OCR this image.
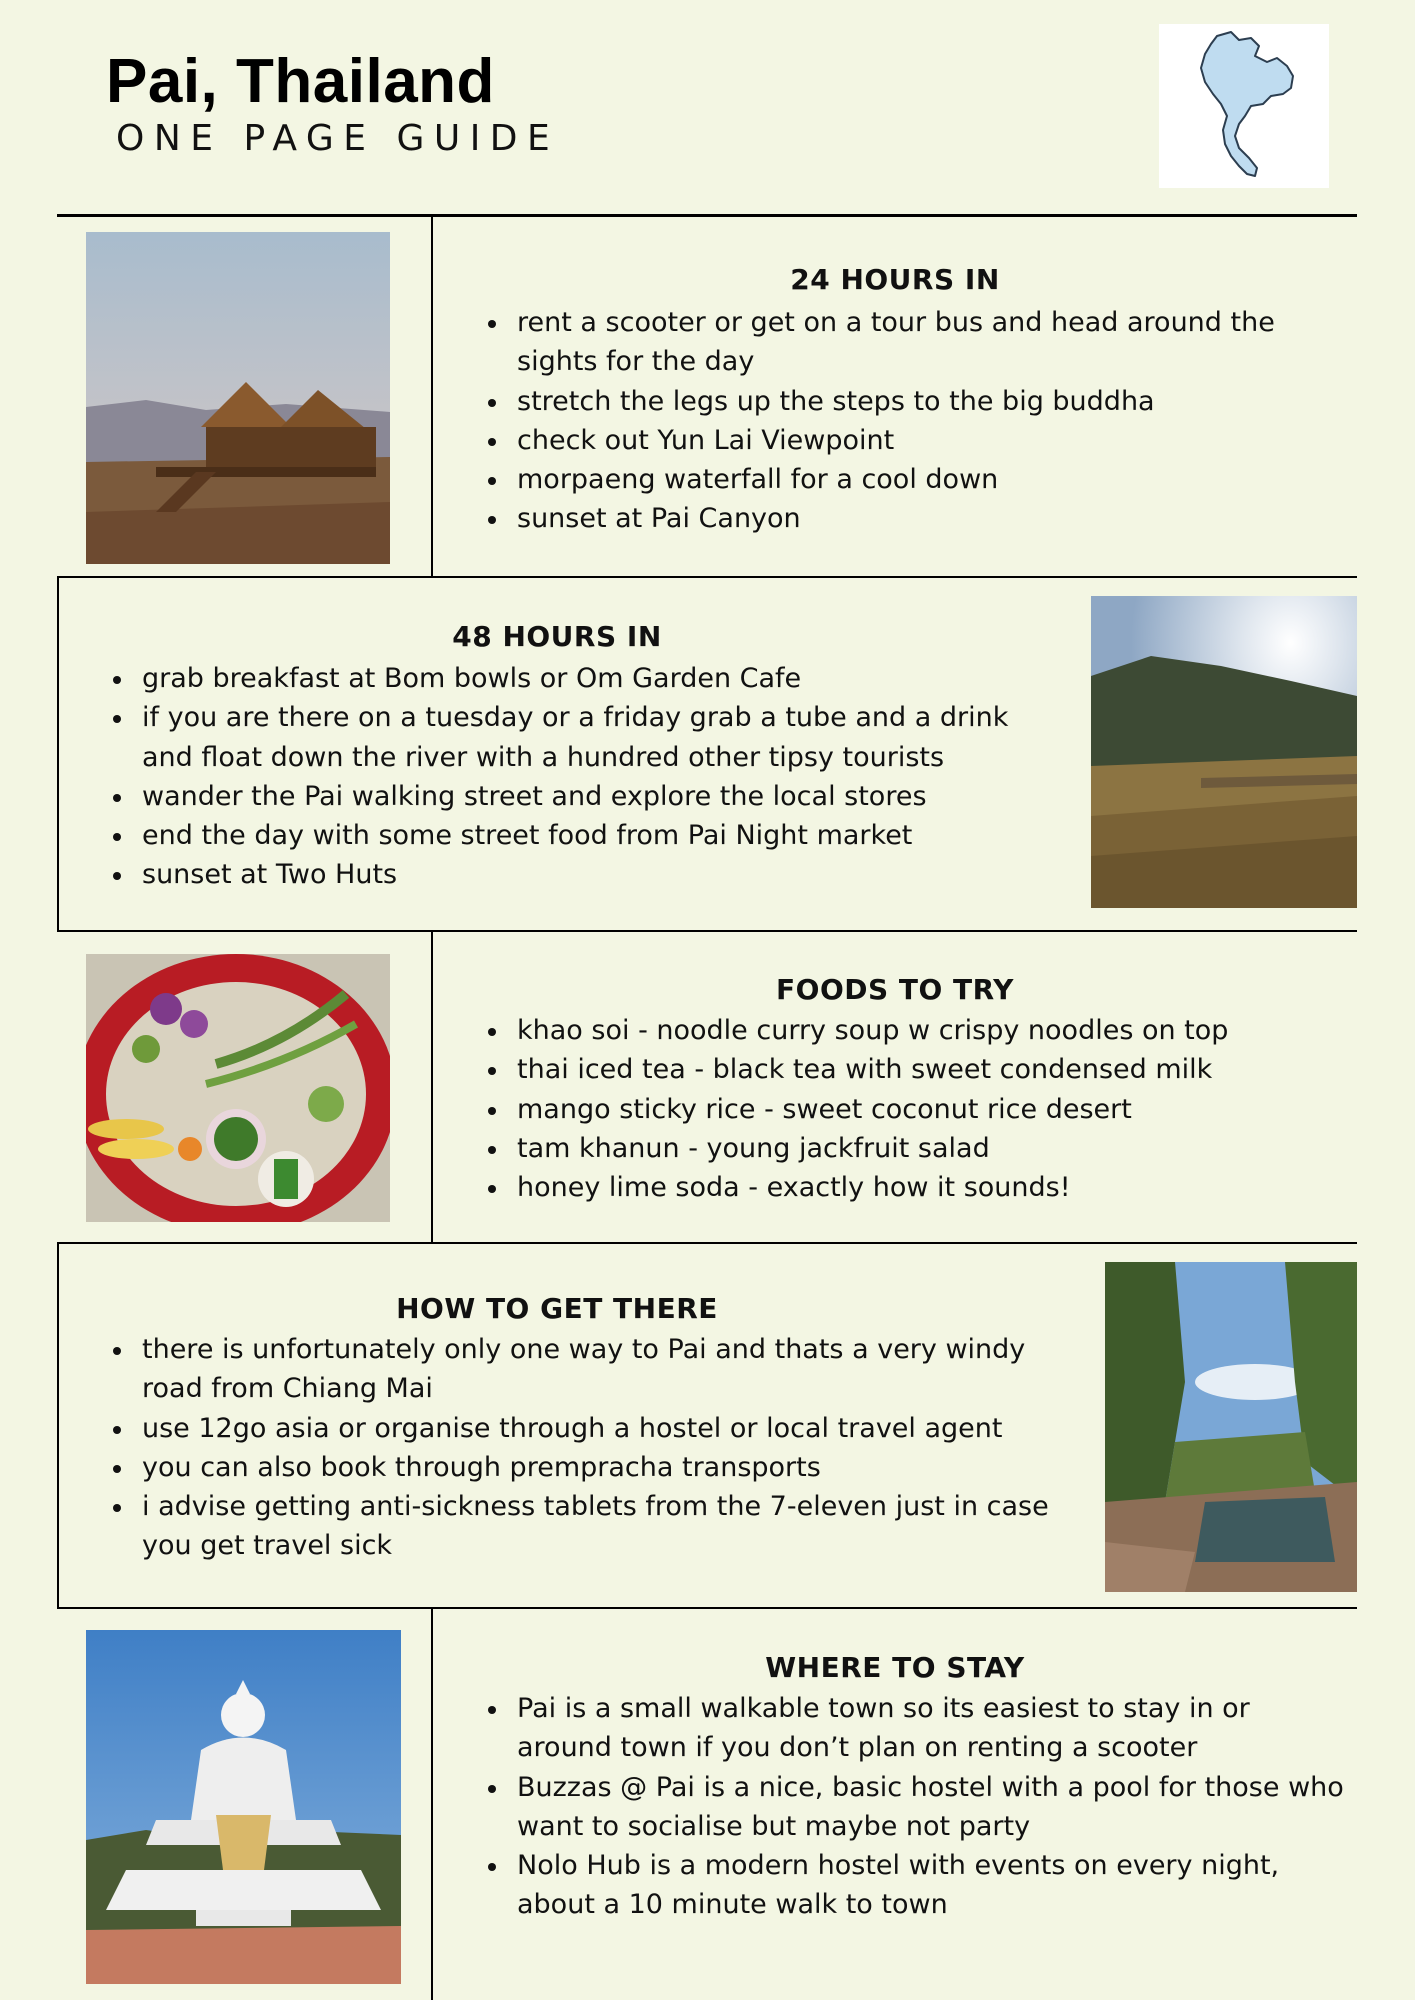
Pai, Thailand
ONE PAGE GUIDE
24 HOURS IN
rent a scooter or get on a tour bus and head around the sights for the day
stretch the legs up the steps to the big buddha
check out Yun Lai Viewpoint
morpaeng waterfall for a cool down
sunset at Pai Canyon
48 HOURS IN
grab breakfast at Bom bowls or Om Garden Cafe
if you are there on a tuesday or a friday grab a tube and a drink and float down the river with a hundred other tipsy tourists
wander the Pai walking street and explore the local stores
end the day with some street food from Pai Night market
sunset at Two Huts
FOODS TO TRY
khao soi - noodle curry soup w crispy noodles on top
thai iced tea - black tea with sweet condensed milk
mango sticky rice - sweet coconut rice desert
tam khanun - young jackfruit salad
honey lime soda - exactly how it sounds!
HOW TO GET THERE
there is unfortunately only one way to Pai and thats a very windy road from Chiang Mai
use 12go asia or organise through a hostel or local travel agent
you can also book through prempracha transports
i advise getting anti-sickness tablets from the 7-eleven just in case you get travel sick
WHERE TO STAY
Pai is a small walkable town so its easiest to stay in or around town if you don’t plan on renting a scooter
Buzzas @ Pai is a nice, basic hostel with a pool for those who want to socialise but maybe not party
Nolo Hub is a modern hostel with events on every night, about a 10 minute walk to town
